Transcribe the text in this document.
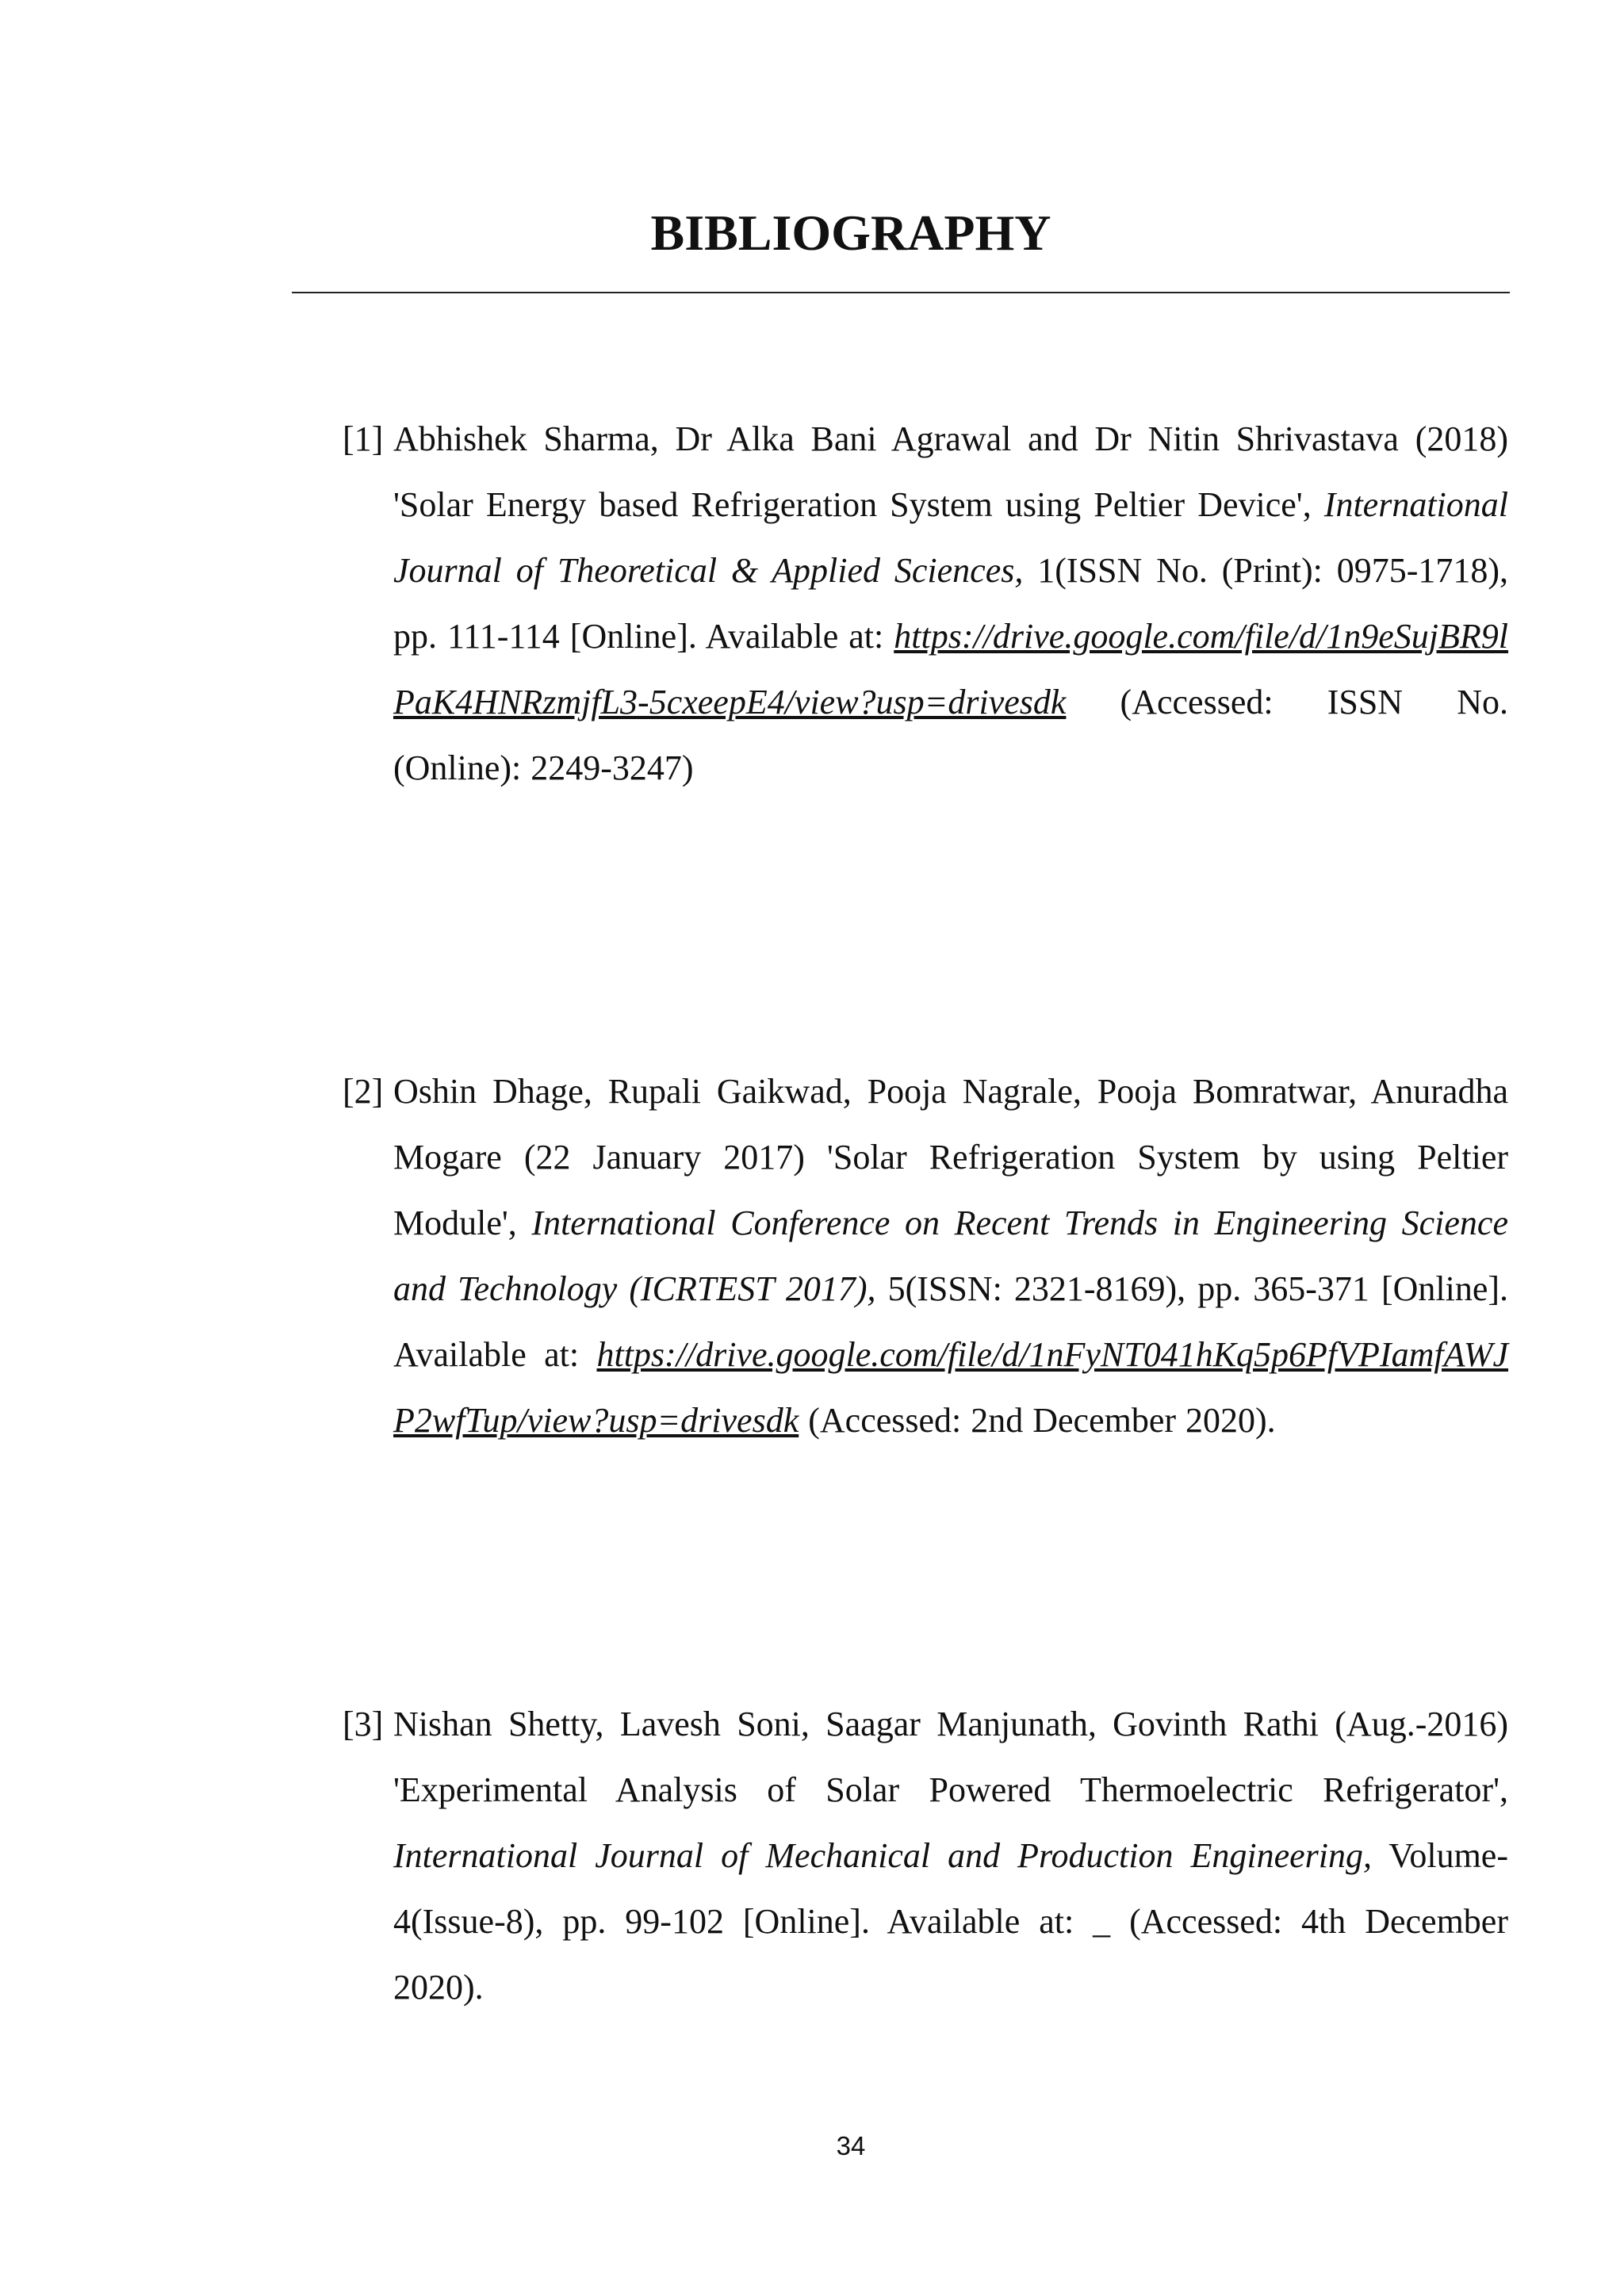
BIBLIOGRAPHY
[1] Abhishek Sharma, Dr Alka Bani Agrawal and Dr Nitin Shrivastava (2018) 'Solar Energy based Refrigeration System using Peltier Device', International Journal of Theoretical & Applied Sciences, 1(ISSN No. (Print): 0975-1718), pp. 111-114 [Online]. Available at: https://drive.google.com/file/d/1n9eSujBR9lPaK4HNRzmjfL3-5cxeepE4/view?usp=drivesdk (Accessed: ISSN No. (Online): 2249-3247)
[2] Oshin Dhage, Rupali Gaikwad, Pooja Nagrale, Pooja Bomratwar, Anuradha Mogare (22 January 2017) 'Solar Refrigeration System by using Peltier Module', International Conference on Recent Trends in Engineering Science and Technology (ICRTEST 2017), 5(ISSN: 2321-8169), pp. 365-371 [Online]. Available at: https://drive.google.com/file/d/1nFyNT041hKq5p6PfVPIamfAWJP2wfTup/view?usp=drivesdk (Accessed: 2nd December 2020).
[3] Nishan Shetty, Lavesh Soni, Saagar Manjunath, Govinth Rathi (Aug.-2016) 'Experimental Analysis of Solar Powered Thermoelectric Refrigerator', International Journal of Mechanical and Production Engineering, Volume- 4(Issue-8), pp. 99-102 [Online]. Available at: _ (Accessed: 4th December 2020).
34
